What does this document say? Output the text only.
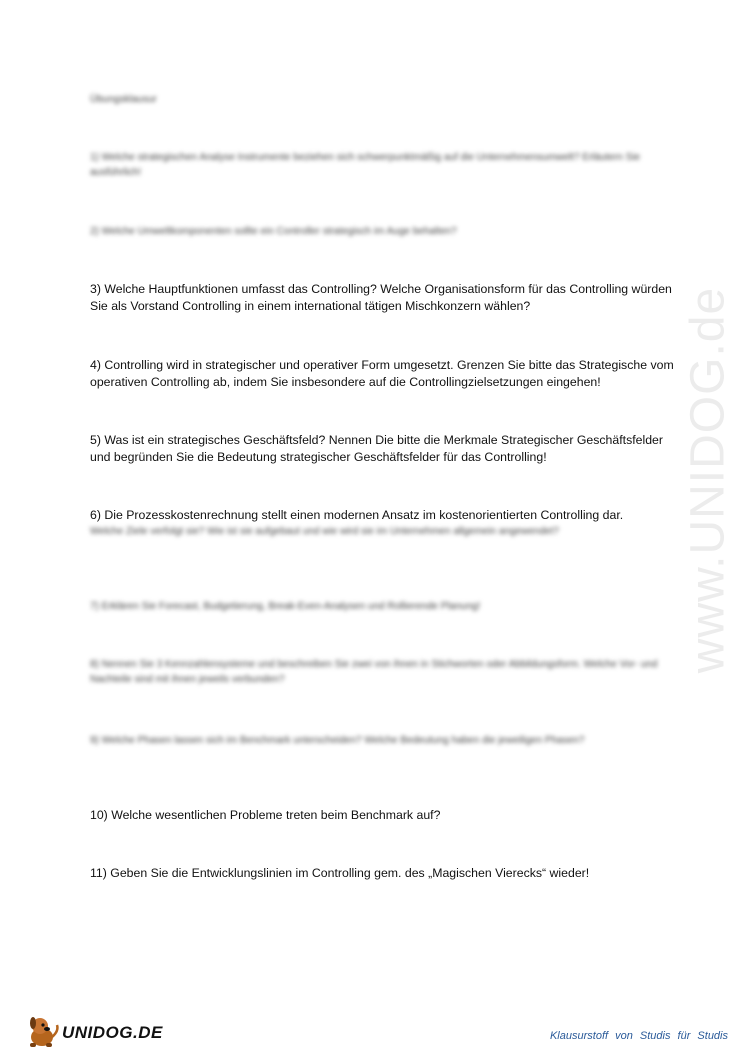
www.UNIDOG.de
Übungsklausur
1) Welche strategischen Analyse Instrumente beziehen sich schwerpunktmäßig auf die Unternehmensumwelt? Erläutern Sie ausführlich!
2) Welche Umweltkomponenten sollte ein Controller strategisch im Auge behalten?
3) Welche Hauptfunktionen umfasst das Controlling? Welche Organisationsform für das Controlling würden Sie als Vorstand Controlling in einem international tätigen Mischkonzern wählen?
4) Controlling wird in strategischer und operativer Form umgesetzt. Grenzen Sie bitte das Strategische vom operativen Controlling ab, indem Sie insbesondere auf die Controllingzielsetzungen eingehen!
5) Was ist ein strategisches Geschäftsfeld? Nennen Die bitte die Merkmale Strategischer Geschäftsfelder und begründen Sie die Bedeutung strategischer Geschäftsfelder für das Controlling!
6) Die Prozesskostenrechnung stellt einen modernen Ansatz im kostenorientierten Controlling dar.
Welche Ziele verfolgt sie? Wie ist sie aufgebaut und wie wird sie im Unternehmen allgemein angewendet?
7) Erklären Sie Forecast, Budgetierung, Break-Even-Analysen und Rollierende Planung!
8) Nennen Sie 3 Kennzahlensysteme und beschreiben Sie zwei von ihnen in Stichworten oder Abbildungsform. Welche Vor- und Nachteile sind mit ihnen jeweils verbunden?
9) Welche Phasen lassen sich im Benchmark unterscheiden? Welche Bedeutung haben die jeweiligen Phasen?
10) Welche wesentlichen Probleme treten beim Benchmark auf?
11) Geben Sie die Entwicklungslinien im Controlling gem. des „Magischen Vierecks“ wieder!
UNIDOG.DE	Klausurstoff von Studis für Studis
